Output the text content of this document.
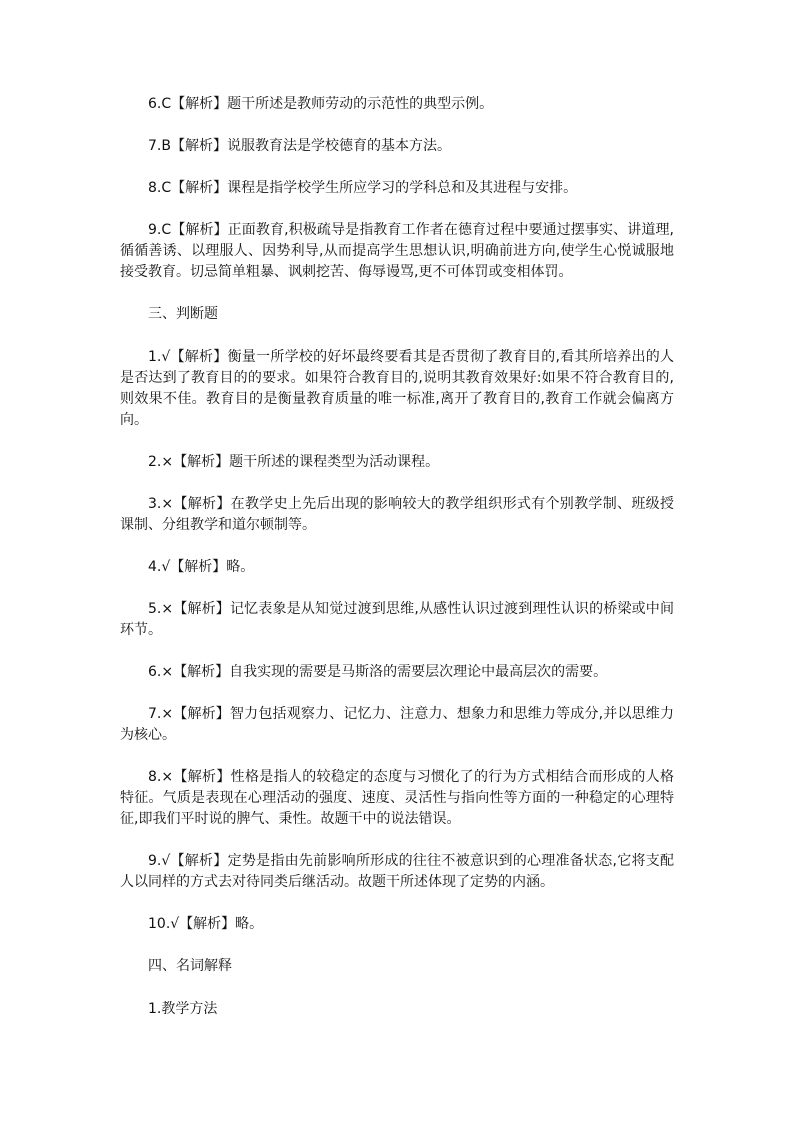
6.C【解析】题干所述是教师劳动的示范性的典型示例。

7.B【解析】说服教育法是学校德育的基本方法。

8.C【解析】课程是指学校学生所应学习的学科总和及其进程与安排。

9.C【解析】正面教育,积极疏导是指教育工作者在德育过程中要通过摆事实、讲道理,循循善诱、以理服人、因势利导,从而提高学生思想认识,明确前进方向,使学生心悦诚服地接受教育。切忌简单粗暴、讽刺挖苦、侮辱谩骂,更不可体罚或变相体罚。

三、判断题

1.√【解析】衡量一所学校的好坏最终要看其是否贯彻了教育目的,看其所培养出的人是否达到了教育目的的要求。如果符合教育目的,说明其教育效果好:如果不符合教育目的,则效果不佳。教育目的是衡量教育质量的唯一标准,离开了教育目的,教育工作就会偏离方向。

2.×【解析】题干所述的课程类型为活动课程。

3.×【解析】在教学史上先后出现的影响较大的教学组织形式有个别教学制、班级授课制、分组教学和道尔顿制等。

4.√【解析】略。

5.×【解析】记忆表象是从知觉过渡到思维,从感性认识过渡到理性认识的桥梁或中间环节。

6.×【解析】自我实现的需要是马斯洛的需要层次理论中最高层次的需要。

7.×【解析】智力包括观察力、记忆力、注意力、想象力和思维力等成分,并以思维力为核心。

8.×【解析】性格是指人的较稳定的态度与习惯化了的行为方式相结合而形成的人格特征。气质是表现在心理活动的强度、速度、灵活性与指向性等方面的一种稳定的心理特征,即我们平时说的脾气、秉性。故题干中的说法错误。

9.√【解析】定势是指由先前影响所形成的往往不被意识到的心理准备状态,它将支配人以同样的方式去对待同类后继活动。故题干所述体现了定势的内涵。

10.√【解析】略。

四、名词解释

1.教学方法
